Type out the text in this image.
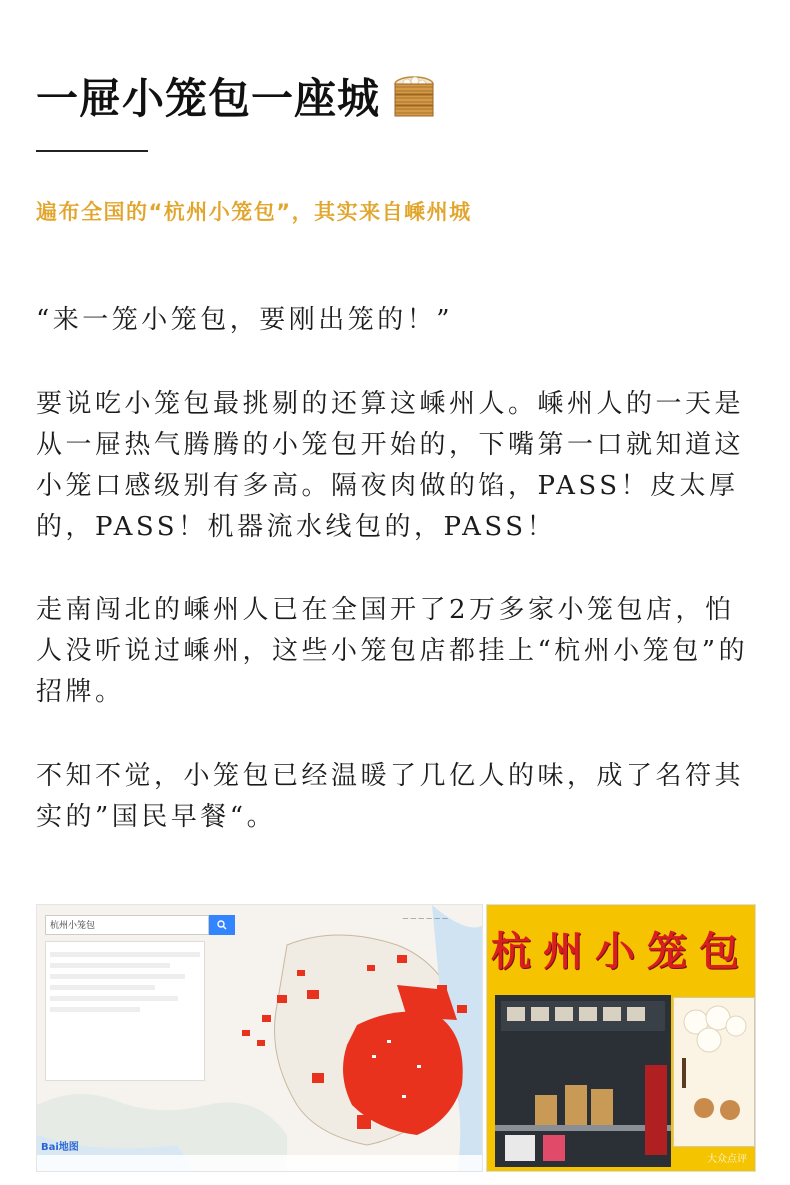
一屉小笼包一座城
遍布全国的“杭州小笼包”，其实来自嵊州城

“来一笼小笼包，要刚出笼的！”

要说吃小笼包最挑剔的还算这嵊州人。嵊州人的一天是从一屉热气腾腾的小笼包开始的，下嘴第一口就知道这小笼口感级别有多高。隔夜肉做的馅，PASS！皮太厚的，PASS！机器流水线包的，PASS！

走南闯北的嵊州人已在全国开了2万多家小笼包店，怕人没听说过嵊州，这些小笼包店都挂上“杭州小笼包”的招牌。

不知不觉，小笼包已经温暖了几亿人的味，成了名符其实的”国民早餐“。

杭州小笼包
— — — — — —
Bai地图
杭州小笼包
大众点评
